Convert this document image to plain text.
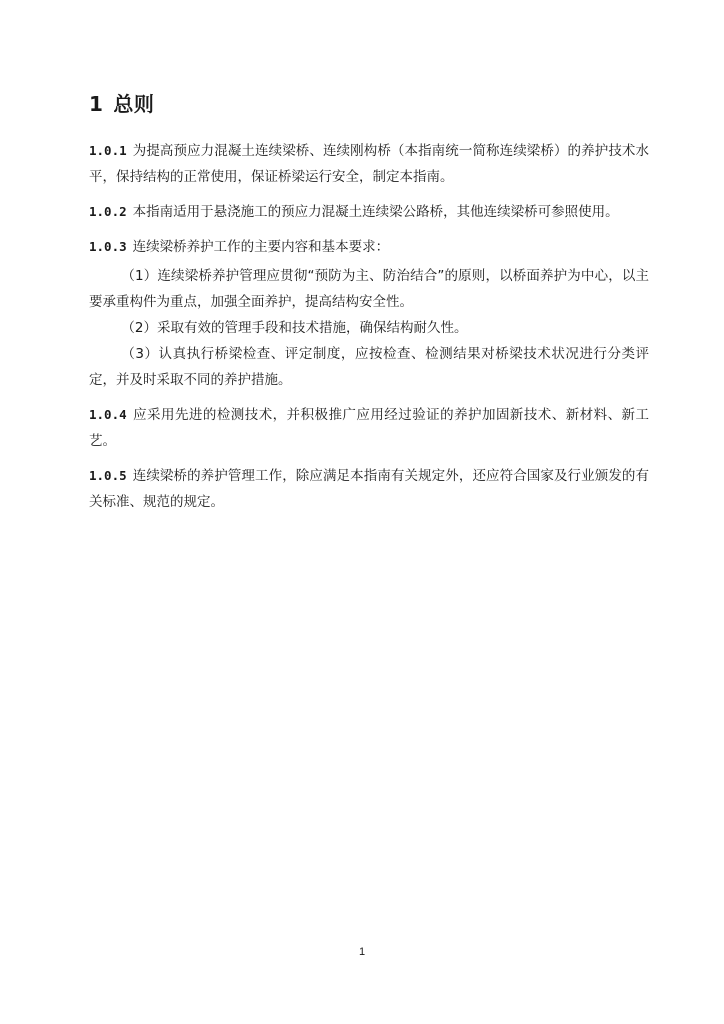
1 总则

1.0.1 为提高预应力混凝土连续梁桥、连续刚构桥（本指南统一简称连续梁桥）的养护技术水平，保持结构的正常使用，保证桥梁运行安全，制定本指南。

1.0.2 本指南适用于悬浇施工的预应力混凝土连续梁公路桥，其他连续梁桥可参照使用。

1.0.3 连续梁桥养护工作的主要内容和基本要求：

（1）连续梁桥养护管理应贯彻“预防为主、防治结合”的原则，以桥面养护为中心，以主要承重构件为重点，加强全面养护，提高结构安全性。

（2）采取有效的管理手段和技术措施，确保结构耐久性。

（3）认真执行桥梁检查、评定制度，应按检查、检测结果对桥梁技术状况进行分类评定，并及时采取不同的养护措施。

1.0.4 应采用先进的检测技术，并积极推广应用经过验证的养护加固新技术、新材料、新工艺。

1.0.5 连续梁桥的养护管理工作，除应满足本指南有关规定外，还应符合国家及行业颁发的有关标准、规范的规定。

1
